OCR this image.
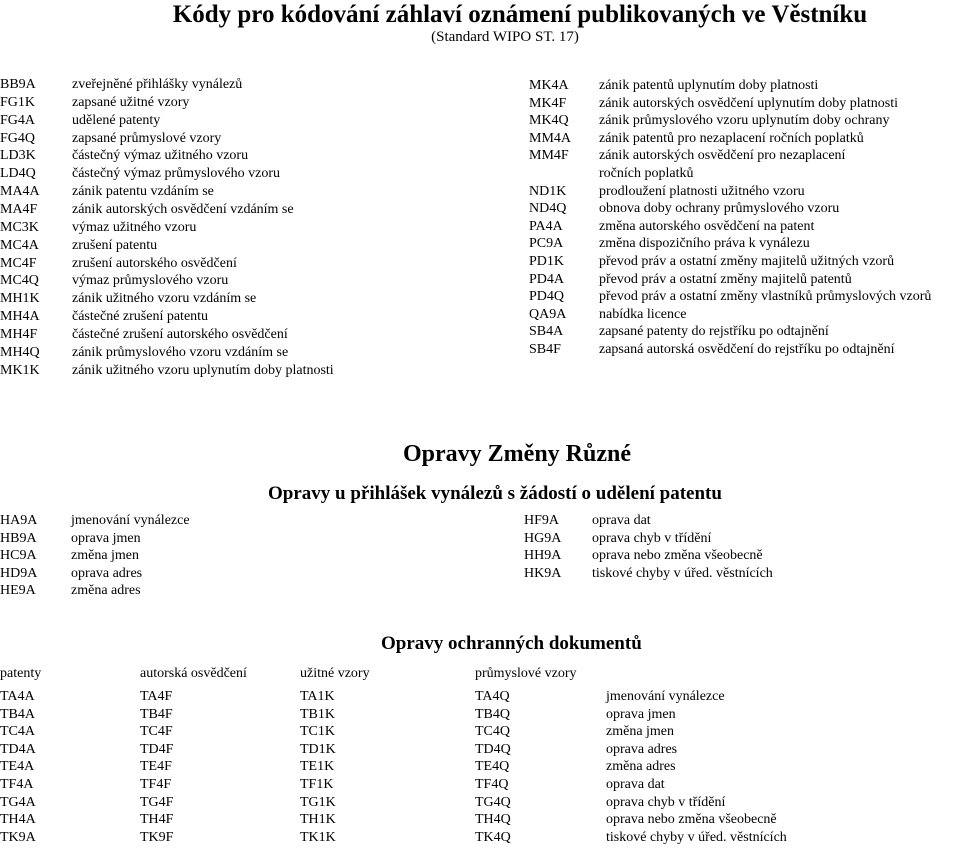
Kódy pro kódování záhlaví oznámení publikovaných ve Věstníku
(Standard WIPO ST. 17)
BB9A	zveřejněné přihlášky vynálezů
FG1K	zapsané užitné vzory
FG4A	udělené patenty
FG4Q	zapsané průmyslové vzory
LD3K	částečný výmaz užitného vzoru
LD4Q	částečný výmaz průmyslového vzoru
MA4A zánik patentu vzdáním se
MA4F zánik autorských osvědčení vzdáním se
MC3K výmaz užitného vzoru
MC4A zrušení patentu
MC4F	zrušení autorského osvědčení
MC4Q výmaz průmyslového vzoru
MH1K zánik užitného vzoru vzdáním se
MH4A částečné zrušení patentu
MH4F částečné zrušení autorského osvědčení
MH4Q zánik průmyslového vzoru vzdáním se
MK1K zánik užitného vzoru uplynutím doby platnosti
MK4A zánik patentů uplynutím doby platnosti
MK4F zánik autorských osvědčení uplynutím doby platnosti
MK4Q zánik průmyslového vzoru uplynutím doby ochrany
MM4A zánik patentů pro nezaplacení ročních poplatků
MM4F zánik autorských osvědčení pro nezaplacení
ročních poplatků
ND1K prodloužení platnosti užitného vzoru
ND4Q obnova doby ochrany průmyslového vzoru
PA4A	změna autorského osvědčení na patent
PC9A	změna dispozičního práva k vynálezu
PD1K převod práv a ostatní změny majitelů užitných vzorů
PD4A převod práv a ostatní změny majitelů patentů
PD4Q převod práv a ostatní změny vlastníků průmyslových vzorů
QA9A nabídka licence
SB4A	zapsané patenty do rejstříku po odtajnění
SB4F	zapsaná autorská osvědčení do rejstříku po odtajnění
Opravy Změny Různé
Opravy u přihlášek vynálezů s žádostí o udělení patentu
HA9A jmenování vynálezce
HB9A oprava jmen
HC9A změna jmen
HD9A oprava adres
HE9A	změna adres
HF9A oprava dat
HG9A oprava chyb v třídění
HH9A oprava nebo změna všeobecně
HK9A tiskové chyby v úřed. věstnících
Opravy ochranných dokumentů
patenty	autorská osvědčení	užitné vzory	průmyslové vzory
TA4A	TA4F	TA1K	TA4Q	jmenování vynálezce
TB4A	TB4F	TB1K	TB4Q	oprava jmen
TC4A	TC4F	TC1K	TC4Q	změna jmen
TD4A	TD4F	TD1K	TD4Q	oprava adres
TE4A	TE4F	TE1K	TE4Q	změna adres
TF4A	TF4F	TF1K	TF4Q	oprava dat
TG4A	TG4F	TG1K	TG4Q	oprava chyb v třídění
TH4A	TH4F	TH1K	TH4Q	oprava nebo změna všeobecně
TK9A	TK9F	TK1K	TK4Q	tiskové chyby v úřed. věstnících
